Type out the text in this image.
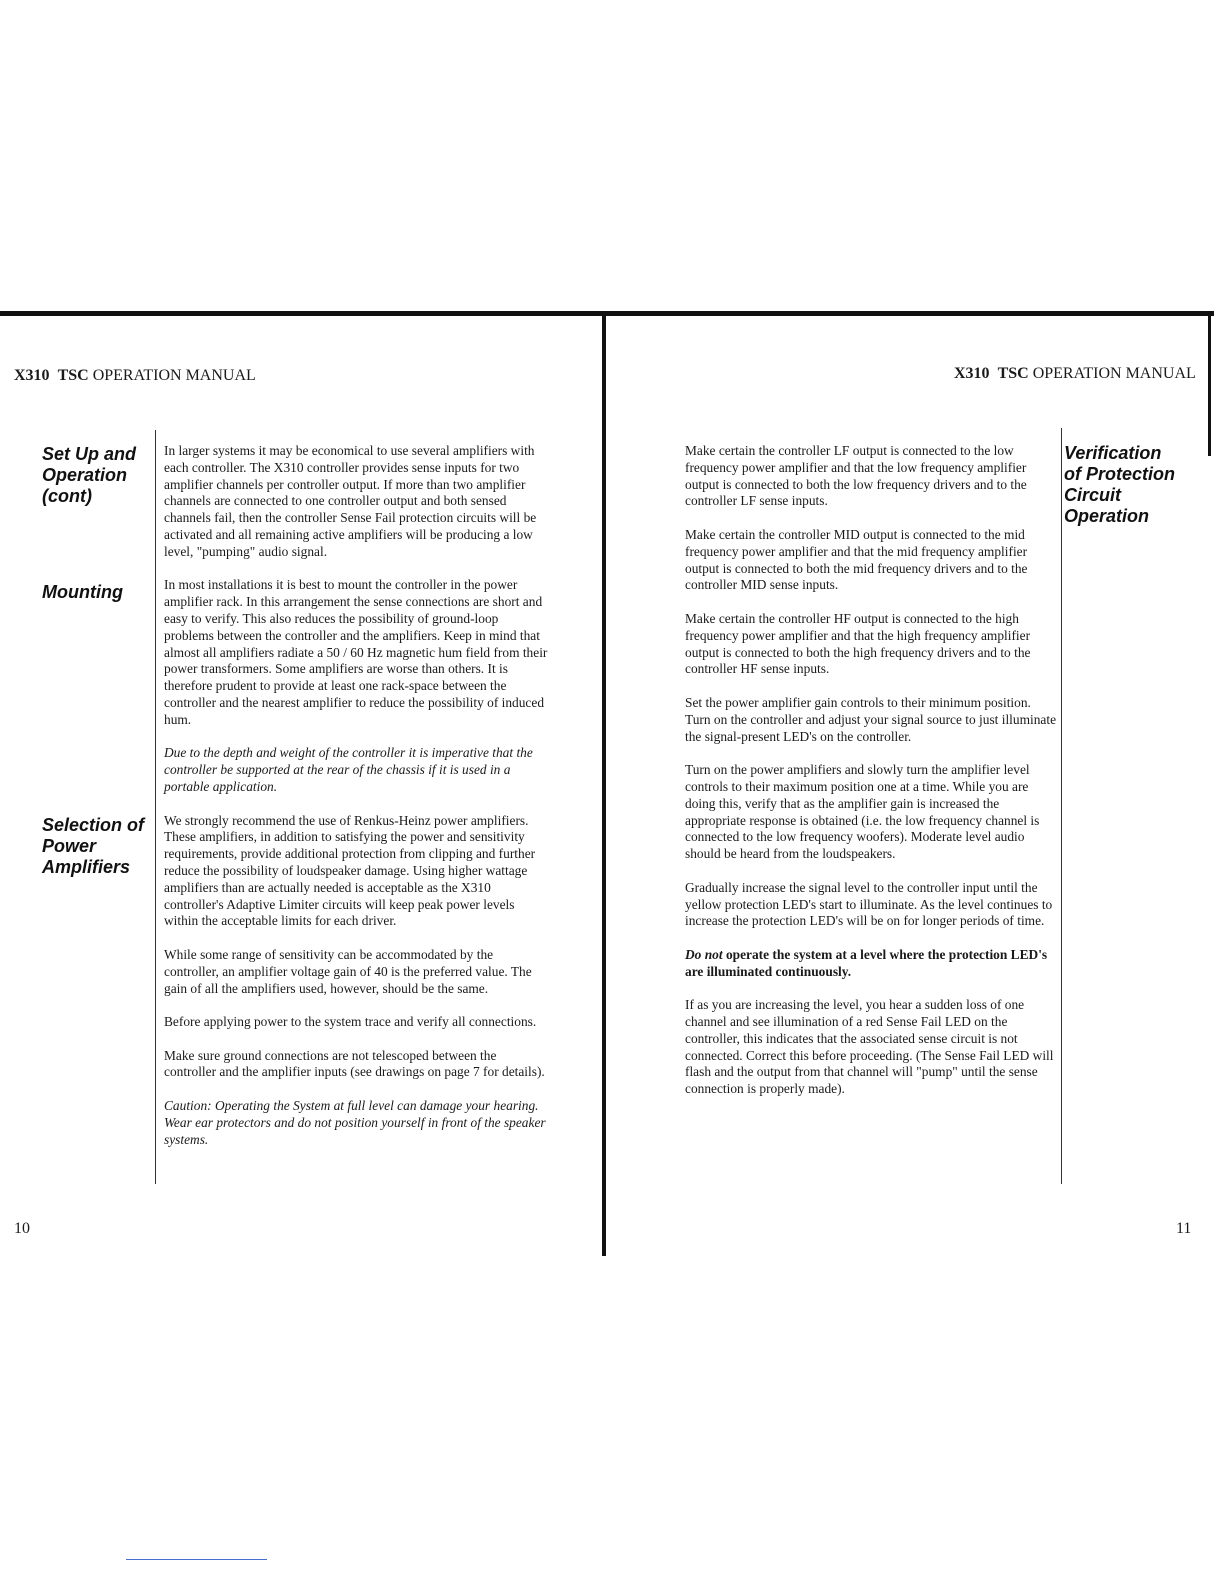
X310 TSC OPERATION MANUAL
Set Up and
Operation
(cont)
Mounting
Selection of
Power
Amplifiers

In larger systems it may be economical to use several amplifiers with each controller. The X310 controller provides sense inputs for two amplifier channels per controller output. If more than two amplifier channels are connected to one controller output and both sensed channels fail, then the controller Sense Fail protection circuits will be activated and all remaining active amplifiers will be producing a low level, "pumping" audio signal.

In most installations it is best to mount the controller in the power amplifier rack. In this arrangement the sense connections are short and easy to verify. This also reduces the possibility of ground-loop problems between the controller and the amplifiers. Keep in mind that almost all amplifiers radiate a 50 / 60 Hz magnetic hum field from their power transformers. Some amplifiers are worse than others. It is therefore prudent to provide at least one rack-space between the controller and the nearest amplifier to reduce the possibility of induced hum.

Due to the depth and weight of the controller it is imperative that the controller be supported at the rear of the chassis if it is used in a portable application.

We strongly recommend the use of Renkus-Heinz power amplifiers. These amplifiers, in addition to satisfying the power and sensitivity requirements, provide additional protection from clipping and further reduce the possibility of loudspeaker damage. Using higher wattage amplifiers than are actually needed is acceptable as the X310 controller's Adaptive Limiter circuits will keep peak power levels within the acceptable limits for each driver.

While some range of sensitivity can be accommodated by the controller, an amplifier voltage gain of 40 is the preferred value. The gain of all the amplifiers used, however, should be the same.

Before applying power to the system trace and verify all connections.

Make sure ground connections are not telescoped between the controller and the amplifier inputs (see drawings on page 7 for details).

Caution: Operating the System at full level can damage your hearing. Wear ear protectors and do not position yourself in front of the speaker systems.

10
X310 TSC OPERATION MANUAL

Make certain the controller LF output is connected to the low frequency power amplifier and that the low frequency amplifier output is connected to both the low frequency drivers and to the controller LF sense inputs.

Make certain the controller MID output is connected to the mid frequency power amplifier and that the mid frequency amplifier output is connected to both the mid frequency drivers and to the controller MID sense inputs.

Make certain the controller HF output is connected to the high frequency power amplifier and that the high frequency amplifier output is connected to both the high frequency drivers and to the controller HF sense inputs.

Set the power amplifier gain controls to their minimum position. Turn on the controller and adjust your signal source to just illuminate the signal-present LED's on the controller.

Turn on the power amplifiers and slowly turn the amplifier level controls to their maximum position one at a time. While you are doing this, verify that as the amplifier gain is increased the appropriate response is obtained (i.e. the low frequency channel is connected to the low frequency woofers). Moderate level audio should be heard from the loudspeakers.

Gradually increase the signal level to the controller input until the yellow protection LED's start to illuminate. As the level continues to increase the protection LED's will be on for longer periods of time.

Do not operate the system at a level where the protection LED's are illuminated continuously.

If as you are increasing the level, you hear a sudden loss of one channel and see illumination of a red Sense Fail LED on the controller, this indicates that the associated sense circuit is not connected. Correct this before proceeding. (The Sense Fail LED will flash and the output from that channel will "pump" until the sense connection is properly made).

Verification
of Protection
Circuit
Operation
11
